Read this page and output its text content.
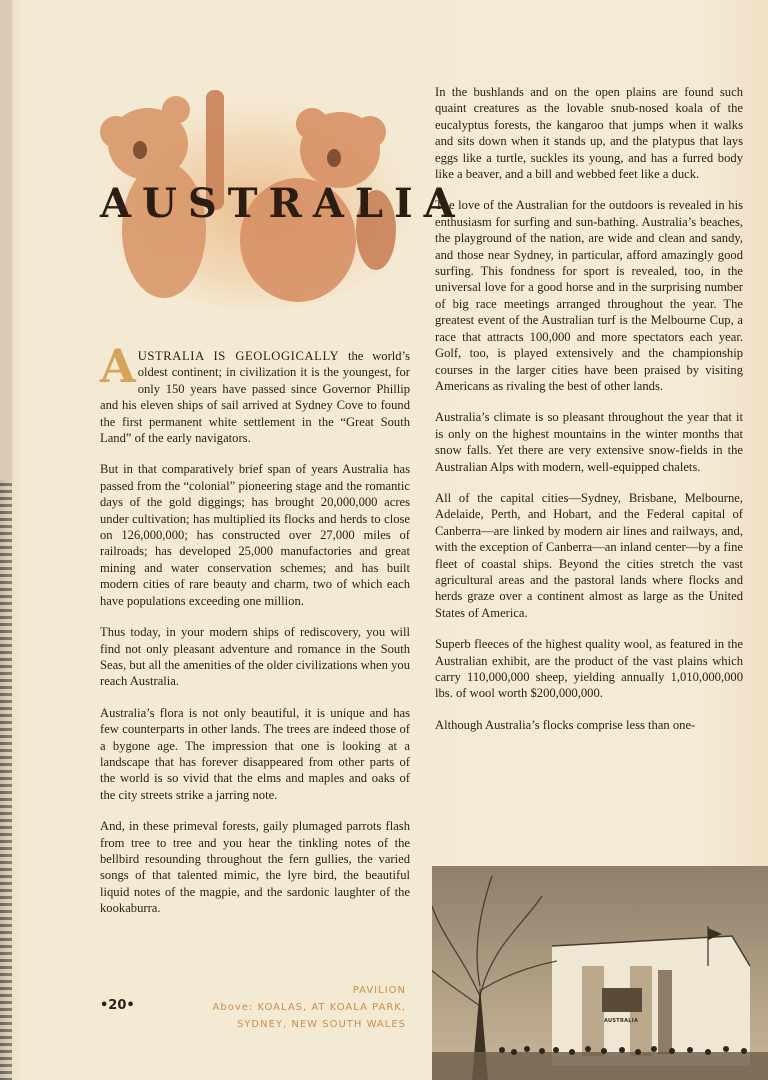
AUSTRALIA

AUSTRALIA IS GEOLOGICALLY the world’s oldest continent; in civilization it is the youngest, for only 150 years have passed since Governor Phillip and his eleven ships of sail arrived at Sydney Cove to found the first permanent white settlement in the “Great South Land” of the early navigators.

But in that comparatively brief span of years Australia has passed from the “colonial” pioneering stage and the romantic days of the gold diggings; has brought 20,000,000 acres under cultivation; has multiplied its flocks and herds to close on 126,000,000; has constructed over 27,000 miles of railroads; has developed 25,000 manufactories and great mining and water conservation schemes; and has built modern cities of rare beauty and charm, two of which each have populations exceeding one million.

Thus today, in your modern ships of rediscovery, you will find not only pleasant adventure and romance in the South Seas, but all the amenities of the older civilizations when you reach Australia.

Australia’s flora is not only beautiful, it is unique and has few counterparts in other lands. The trees are indeed those of a bygone age. The impression that one is looking at a landscape that has forever disappeared from other parts of the world is so vivid that the elms and maples and oaks of the city streets strike a jarring note.

And, in these primeval forests, gaily plumaged parrots flash from tree to tree and you hear the tinkling notes of the bellbird resounding throughout the fern gullies, the varied songs of that talented mimic, the lyre bird, the beautiful liquid notes of the magpie, and the sardonic laughter of the kookaburra.

In the bushlands and on the open plains are found such quaint creatures as the lovable snub-nosed koala of the eucalyptus forests, the kangaroo that jumps when it walks and sits down when it stands up, and the platypus that lays eggs like a turtle, suckles its young, and has a furred body like a beaver, and a bill and webbed feet like a duck.

The love of the Australian for the outdoors is revealed in his enthusiasm for surfing and sun-bathing. Australia’s beaches, the playground of the nation, are wide and clean and sandy, and those near Sydney, in particular, afford amazingly good surfing. This fondness for sport is revealed, too, in the universal love for a good horse and in the surprising number of big race meetings arranged throughout the year. The greatest event of the Australian turf is the Melbourne Cup, a race that attracts 100,000 and more spectators each year. Golf, too, is played extensively and the championship courses in the larger cities have been praised by visiting Americans as rivaling the best of other lands.

Australia’s climate is so pleasant throughout the year that it is only on the highest mountains in the winter months that snow falls. Yet there are very extensive snow-fields in the Australian Alps with modern, well-equipped chalets.

All of the capital cities—Sydney, Brisbane, Melbourne, Adelaide, Perth, and Hobart, and the Federal capital of Canberra—are linked by modern air lines and railways, and, with the exception of Canberra—an inland center—by a fine fleet of coastal ships. Beyond the cities stretch the vast agricultural areas and the pastoral lands where flocks and herds graze over a continent almost as large as the United States of America.

Superb fleeces of the highest quality wool, as featured in the Australian exhibit, are the product of the vast plains which carry 110,000,000 sheep, yielding annually 1,010,000,000 lbs. of wool worth $200,000,000.

Although Australia’s flocks comprise less than one-

•20•
PAVILION
Above: KOALAS, AT KOALA PARK,
SYDNEY, NEW SOUTH WALES	AUSTRALIA
